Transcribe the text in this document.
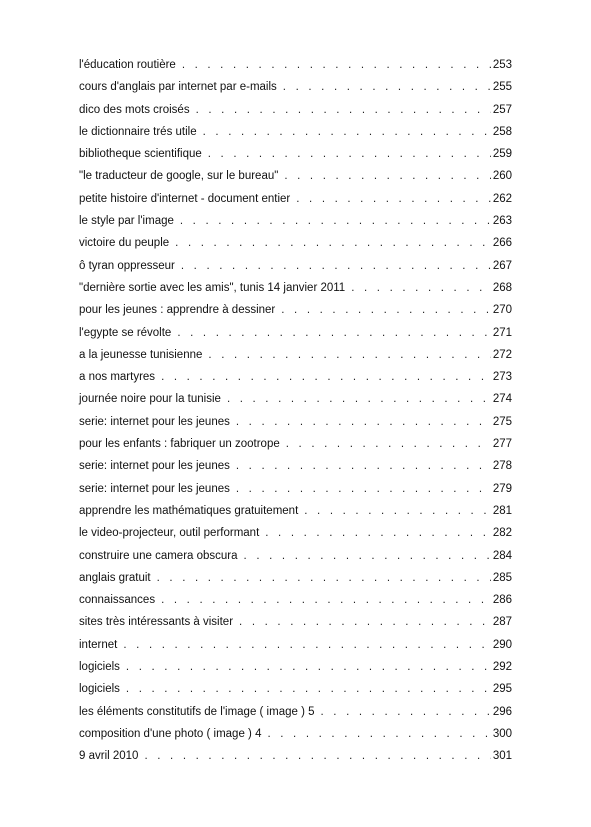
l'éducation routière . . .	253
cours d'anglais par internet par e-mails . . .	255
dico des mots croisés . . .	257
le dictionnaire trés utile . . .	258
bibliotheque scientifique . . .	259
"le traducteur de google, sur le bureau" . . .	260
petite histoire d'internet - document entier . . .	262
le style par l'image . . .	263
victoire du peuple . . .	266
ô tyran oppresseur . . .	267
"dernière sortie avec les amis", tunis 14 janvier 2011 . . .	268
pour les jeunes : apprendre à dessiner . . .	270
l'egypte se révolte . . .	271
a la jeunesse tunisienne . . .	272
a nos martyres . . .	273
journée noire pour la tunisie . . .	274
serie: internet pour les jeunes . . .	275
pour les enfants : fabriquer un zootrope . . .	277
serie: internet pour les jeunes . . .	278
serie: internet pour les jeunes . . .	279
apprendre les mathématiques gratuitement . . .	281
le video-projecteur, outil performant . . .	282
construire une camera obscura . . .	284
anglais gratuit . . .	285
connaissances . . .	286
sites très intéressants à visiter . . .	287
internet . . .	290
logiciels . . .	292
logiciels . . .	295
les éléments constitutifs de l'image ( image ) 5 . . .	296
composition d'une photo ( image ) 4 . . .	300
9 avril 2010 . . .	301
